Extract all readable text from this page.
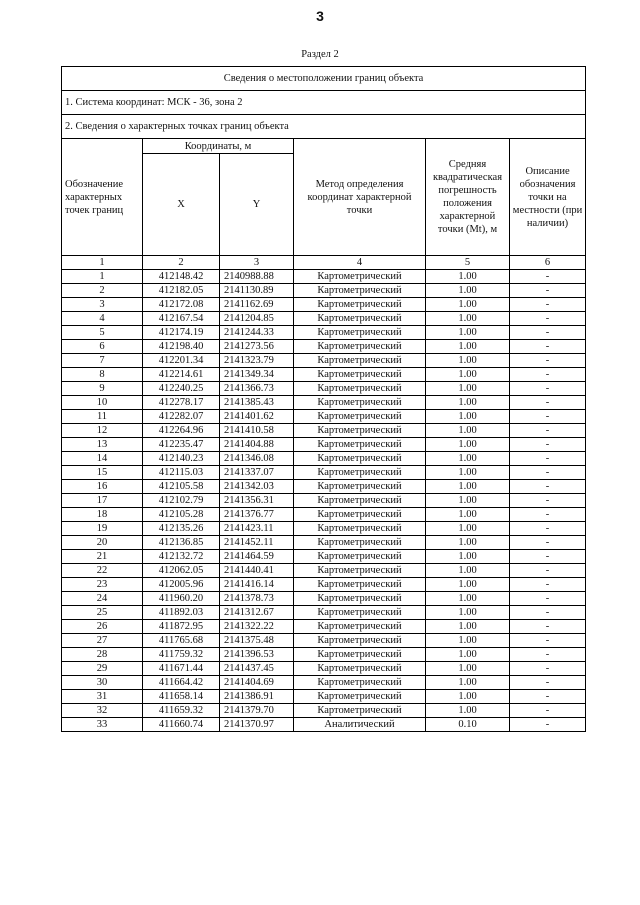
3
Раздел 2
Сведения о местоположении границ объекта					
1. Система координат: МСК - 36, зона 2					
2. Сведения о характерных точках границ объекта					
Обозначение характерных точек границ	Координаты, м		Метод определения координат характерной точки	Средняя квадратическая погрешность положения характерной точки (Mt), м	Описание обозначения точки на местности (при наличии)
	X	Y			
1	2	3	4	5	6
1	412148.42	2140988.88	Картометрический	1.00	-
2	412182.05	2141130.89	Картометрический	1.00	-
3	412172.08	2141162.69	Картометрический	1.00	-
4	412167.54	2141204.85	Картометрический	1.00	-
5	412174.19	2141244.33	Картометрический	1.00	-
6	412198.40	2141273.56	Картометрический	1.00	-
7	412201.34	2141323.79	Картометрический	1.00	-
8	412214.61	2141349.34	Картометрический	1.00	-
9	412240.25	2141366.73	Картометрический	1.00	-
10	412278.17	2141385.43	Картометрический	1.00	-
11	412282.07	2141401.62	Картометрический	1.00	-
12	412264.96	2141410.58	Картометрический	1.00	-
13	412235.47	2141404.88	Картометрический	1.00	-
14	412140.23	2141346.08	Картометрический	1.00	-
15	412115.03	2141337.07	Картометрический	1.00	-
16	412105.58	2141342.03	Картометрический	1.00	-
17	412102.79	2141356.31	Картометрический	1.00	-
18	412105.28	2141376.77	Картометрический	1.00	-
19	412135.26	2141423.11	Картометрический	1.00	-
20	412136.85	2141452.11	Картометрический	1.00	-
21	412132.72	2141464.59	Картометрический	1.00	-
22	412062.05	2141440.41	Картометрический	1.00	-
23	412005.96	2141416.14	Картометрический	1.00	-
24	411960.20	2141378.73	Картометрический	1.00	-
25	411892.03	2141312.67	Картометрический	1.00	-
26	411872.95	2141322.22	Картометрический	1.00	-
27	411765.68	2141375.48	Картометрический	1.00	-
28	411759.32	2141396.53	Картометрический	1.00	-
29	411671.44	2141437.45	Картометрический	1.00	-
30	411664.42	2141404.69	Картометрический	1.00	-
31	411658.14	2141386.91	Картометрический	1.00	-
32	411659.32	2141379.70	Картометрический	1.00	-
33	411660.74	2141370.97	Аналитический	0.10	-
